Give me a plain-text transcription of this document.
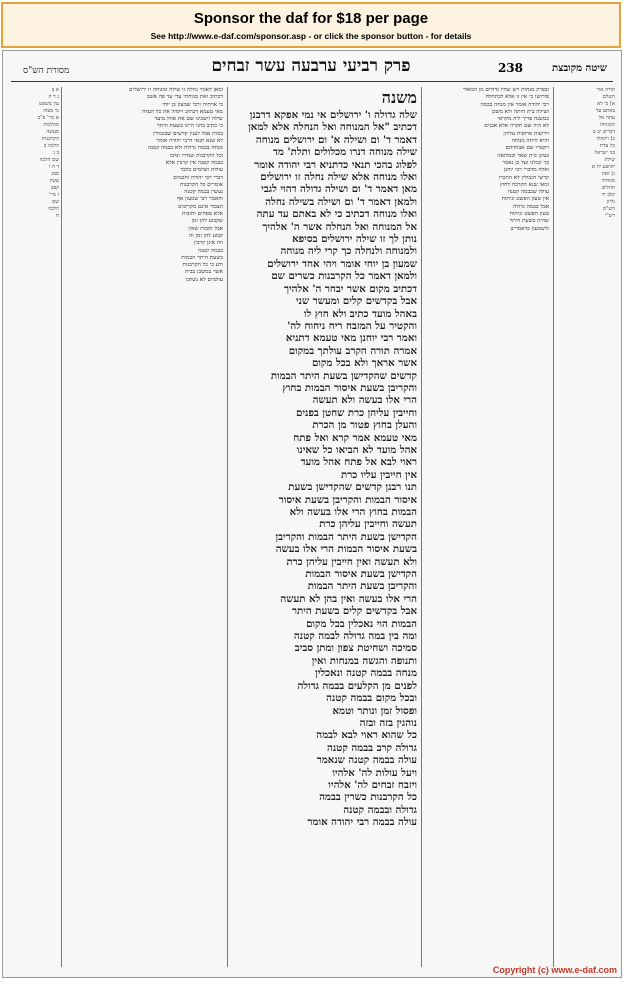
Sponsor the daf for $18 per page
See http://www.e-daf.com/sponsor.asp - or click the sponsor button - for details
מסורת הש"ס	פרק רביעי ערבעה עשר זבחים	238	שיטה מקובצת
א ב
ג ד ה
עין משפט
נר מצוה
א מיי' פ"ב
מהלכות
מעשה
הקרבנות
הלכה ב
ב ג
שם הלכה
ד ה ו
סמג
עשין
קפב
ז מיי'
שם
הלכה
ח
ומאן דאמר נחלה זו שילה ומנוחה זו ירושלים
דכתיב זאת מנוחתי עדי עד פה אשב
כי אויתיה ורבי שמעון בן יוחי
מאי טעמא דכתיב ויקהל את כל העדה
שילה וישכינו שם את אהל מועד
כי כתיב בהני היינו בשעת היתר
במות אבל לענין קדשים שבגבולין
לא שנא תנאי דרבי יהודה אומר
מנחה בבמה גדולה ולא בבמה קטנה
וכל הקרבנות שנדרו ונדבו
בבמה קטנה אין קרבין אלא
עולות ושלמים בלבד
דברי רבי יהודה וחכמים
אומרים כל הקרבנות
נעשין בבמה קטנה
והאמר רבי שמעון אף
הצבור אינם מקריבים
אלא פסחים וחובות
שקבוע להן זמן
אבל חובות שאין
קבוע להן זמן זה
וזה אינן קרבין
בבמה קטנה
בשעת היתר הבמות
ודע כי כל הקרבנות
אשר במשכן בבית
עולמים לא נשתנו
משנה
שלה גדולה ו' ירושלים אי נמי אפקא דרבנן
דכתיב "אל המנוחה ואל הנחלה אלא למאן
דאמר ד' ום ושילה א' ום ירושלים מנוחה
שילה מנוחה דנרו מכלולים ותלת' מד
לפלוג בהכי תנאי כדתניא רבי יהודה אומר
ואלו מנוחה אלא שילה נחלה זו ירושלים
מאן דאמר ד' ום ושילה גדולה דהוי לגבי
ולמאן דאמר ד' ום ושילה בשילה נחלה
ואלו מנוחה דכתיב כי לא באתם עד עתה
אל המנוחה ואל הנחלה אשר ה' אלהיך
נותן לך זו שילה ירושלים בסיפא
ולמנוחה ולנחלה כך קרי ליה מנוחה
שמעון בן יוחי אומר ויהי אחד ירושלים
ולמאן דאמר כל הקרבנות כשרים שם
דכתיב מקום אשר יבחר ה' אלהיך
אבל בקדשים קלים ומעשר שני
באהל מועד כתיב ולא חוץ לו
והקטיר על המזבח ריח ניחוח לה'
ואמר רבי יוחנן מאי טעמא דתניא
אמרה תורה הקרב עולתך במקום
אשר אראך ולא בכל מקום
קדשים שהקדישן בשעת היתר הבמות
והקריבן בשעת איסור הבמות בחוץ
הרי אלו בעשה ולא תעשה
וחייבין עליהן כרת שחטן בפנים
והעלן בחוץ פטור מן הכרת
מאי טעמא אמר קרא ואל פתח
אהל מועד לא הביאו כל שאינו
ראוי לבא אל פתח אהל מועד
אין חייבין עליו כרת
תנו רבנן קדשים שהקדישן בשעת
איסור הבמות והקריבן בשעת איסור
הבמות בחוץ הרי אלו בעשה ולא
תעשה וחייבין עליהן כרת
הקדישן בשעת היתר הבמות והקריבן
בשעת איסור הבמות הרי אלו בעשה
ולא תעשה ואין חייבין עליהן כרת
הקדישן בשעת איסור הבמות
והקריבן בשעת היתר הבמות
הרי אלו בעשה ואין בהן לא תעשה
אבל בקדשים קלים בשעת היתר
הבמות הוי נאכלין בכל מקום
ומה בין במה גדולה לבמה קטנה
סמיכה ושחיטת צפון ומתן סביב
ותנופה והגשה במנחות ואין
מנחה בבמה קטנה ונאכלין
לפנים מן הקלעים בבמה גדולה
ובכל מקום בבמה קטנה
ופסול זמן ונותר וטמא
נוהגין בזה ובזה
כל שהוא ראוי לבא לבמה
גדולה קרב בבמה קטנה
עולה בבמה קטנה שנאמר
ויעל עולות לה' אלהיו
ויזבח זבחים לה' אלהיו
כל הקרבנות כשרין בבמה
גדולה ובבמה קטנה
עולה בבמה רבי יהודה אומר
ובפרק מנחות ויש שהיו גדולים מן המאור
פירושו כי אין זו אלא לכתחלה
רבי יהודה אומר אין מנחה בבמה
ושילה בית היתה ולא משכן
כמשנה פריך ליה מקראי
לא היה שם תקרה אלא אבנים
ויריעות פרוסות עליהן
והיא היתה מנוחה
ויקטרו שם אבותיהם
בעינן בית שאר ובמלואה
כך קבלנו ועל כן נאמר
ואלה מדברי רבי יוחנן
קדשי הגבולין לא הוזכרו
ומאי שנא הקרבה לחוץ
עולה שבבמה קטנה
אין טעון הפשט וניתוח
אבל בבמה גדולה
טעון הפשט וניתוח
שהיה בשעת היתר
ולשמעון כדאמרינן
תורה אור
השלם
א) כי לא
באתם עד
עתה אל
המנוחה
דברים יב ט
ב) ויקהלו
כל עדת
בני ישראל
שילה
יהושע יח א
ג) זאת
מנוחתי
תהלים
קלב יד
גליון
הש"ס
רש"י
Copyright (c) www.e-daf.com
